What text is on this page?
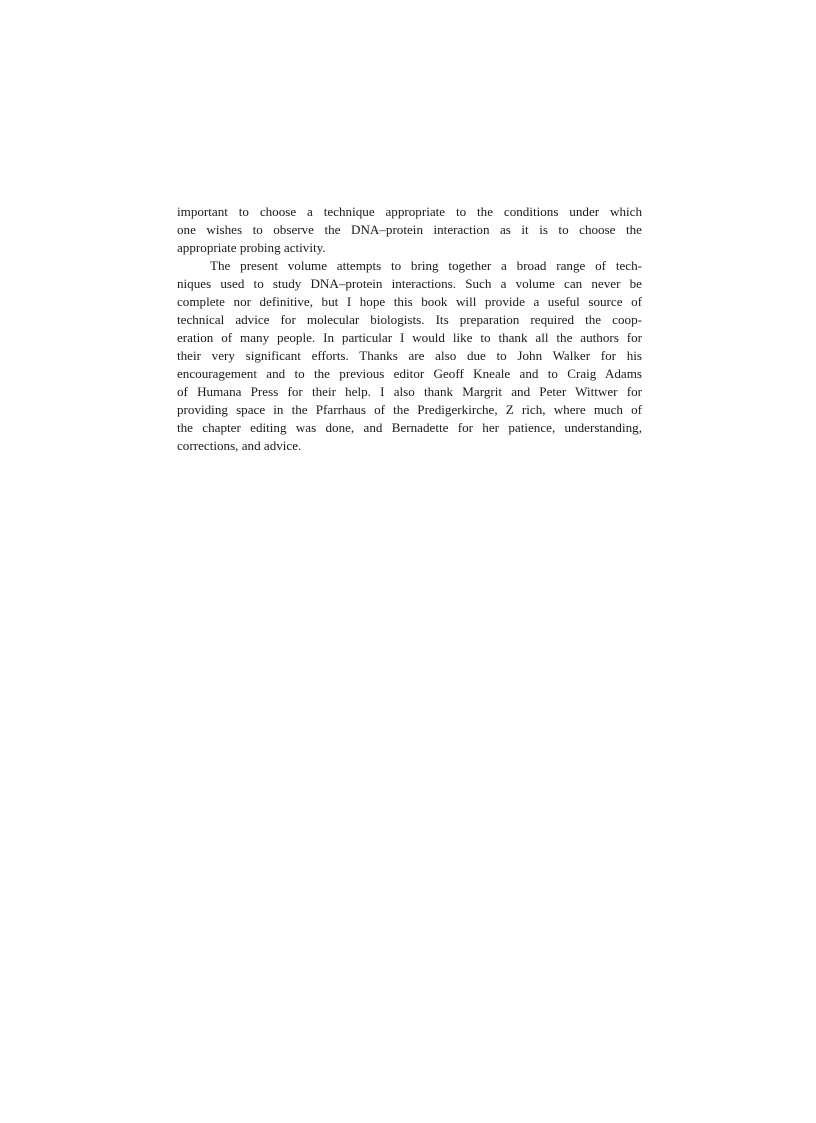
important to choose a technique appropriate to the conditions under which
one wishes to observe the DNA–protein interaction as it is to choose the
appropriate probing activity.
The present volume attempts to bring together a broad range of tech-
niques used to study DNA–protein interactions. Such a volume can never be
complete nor definitive, but I hope this book will provide a useful source of
technical advice for molecular biologists. Its preparation required the coop-
eration of many people. In particular I would like to thank all the authors for
their very significant efforts. Thanks are also due to John Walker for his
encouragement and to the previous editor Geoff Kneale and to Craig Adams
of Humana Press for their help. I also thank Margrit and Peter Wittwer for
providing space in the Pfarrhaus of the Predigerkirche, Z rich, where much of
the chapter editing was done, and Bernadette for her patience, understanding,
corrections, and advice.
